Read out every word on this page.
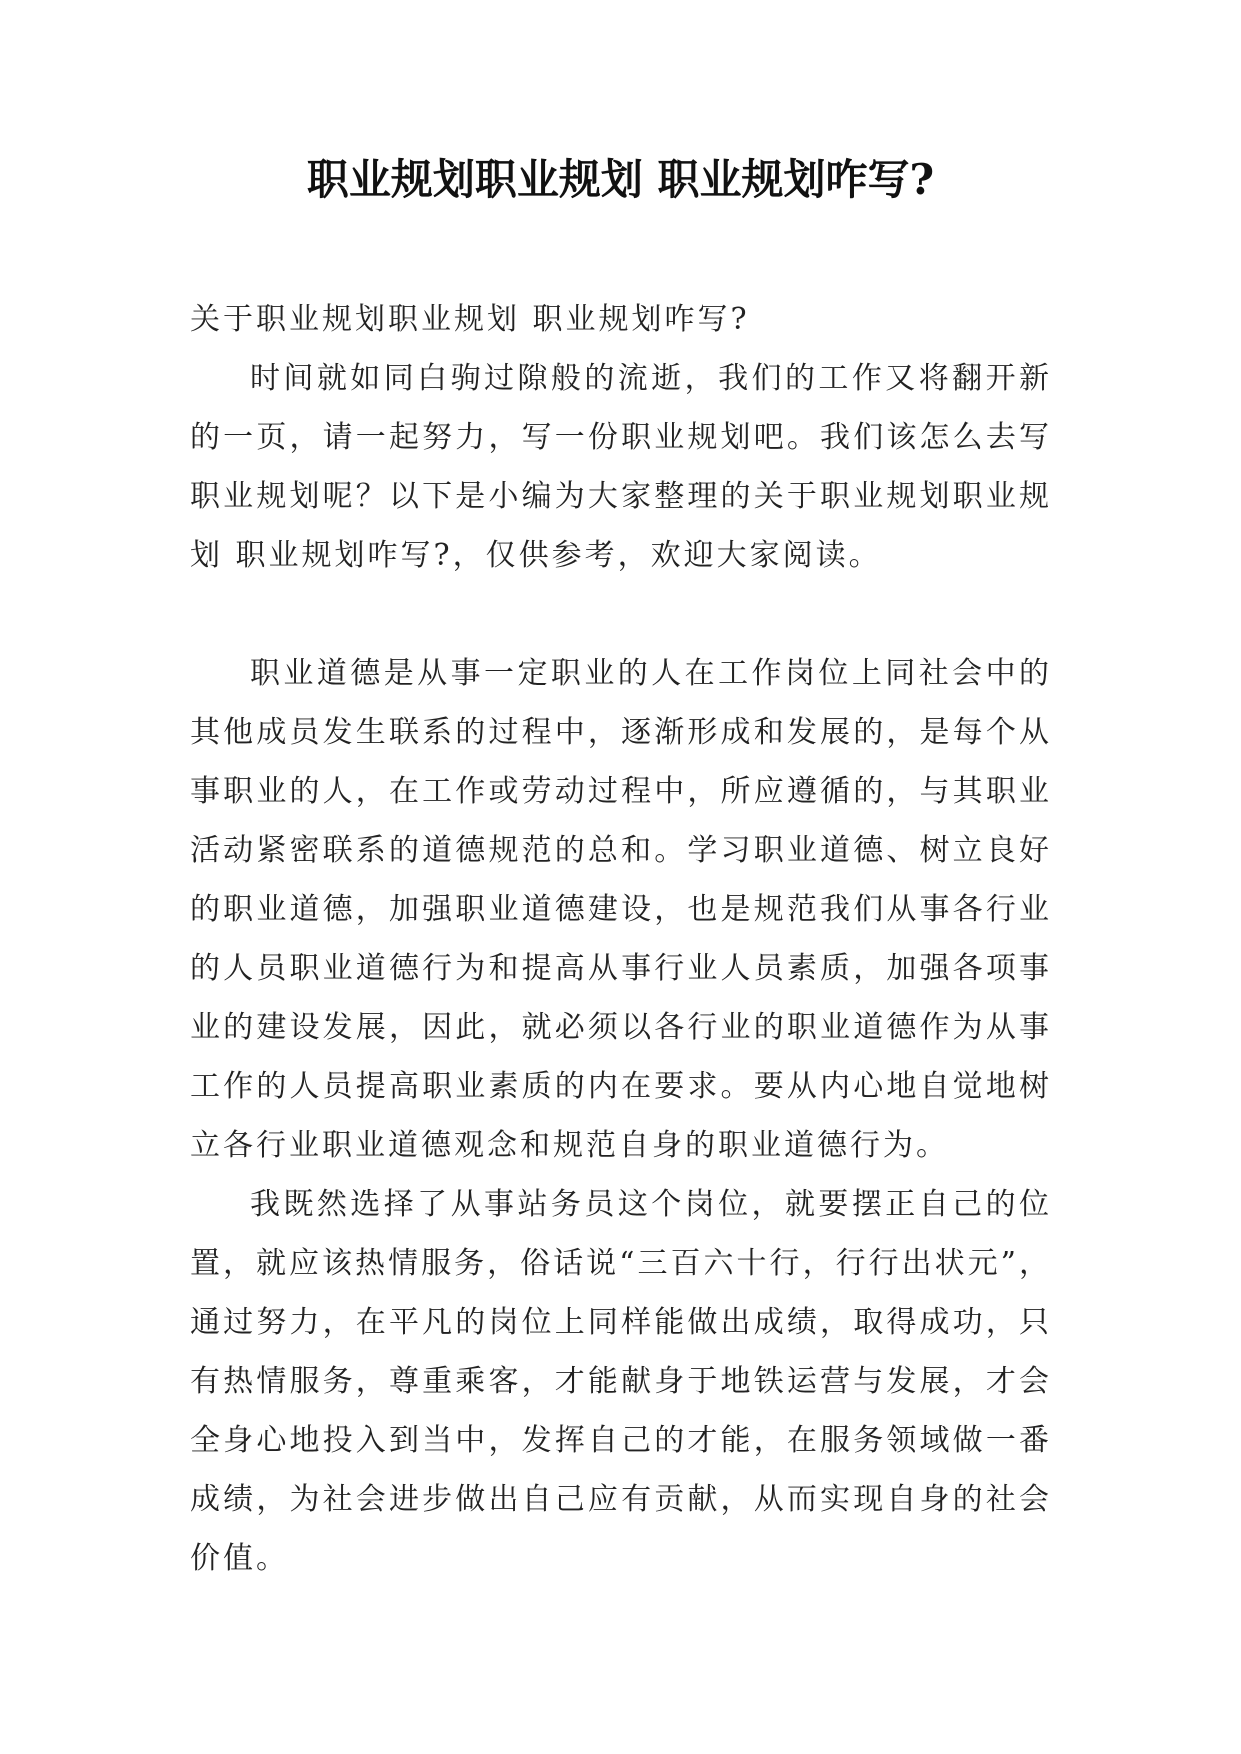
职业规划职业规划 职业规划咋写?

关于职业规划职业规划 职业规划咋写?

时间就如同白驹过隙般的流逝，我们的工作又将翻开新的一页，请一起努力，写一份职业规划吧。我们该怎么去写职业规划呢？以下是小编为大家整理的关于职业规划职业规划 职业规划咋写?，仅供参考，欢迎大家阅读。

职业道德是从事一定职业的人在工作岗位上同社会中的其他成员发生联系的过程中，逐渐形成和发展的，是每个从事职业的人，在工作或劳动过程中，所应遵循的，与其职业活动紧密联系的道德规范的总和。学习职业道德、树立良好的职业道德，加强职业道德建设，也是规范我们从事各行业的人员职业道德行为和提高从事行业人员素质，加强各项事业的建设发展，因此，就必须以各行业的职业道德作为从事工作的人员提高职业素质的内在要求。要从内心地自觉地树立各行业职业道德观念和规范自身的职业道德行为。

我既然选择了从事站务员这个岗位，就要摆正自己的位置，就应该热情服务，俗话说“三百六十行，行行出状元”，通过努力，在平凡的岗位上同样能做出成绩，取得成功，只有热情服务，尊重乘客，才能献身于地铁运营与发展，才会全身心地投入到当中，发挥自己的才能，在服务领域做一番成绩，为社会进步做出自己应有贡献，从而实现自身的社会价值。
